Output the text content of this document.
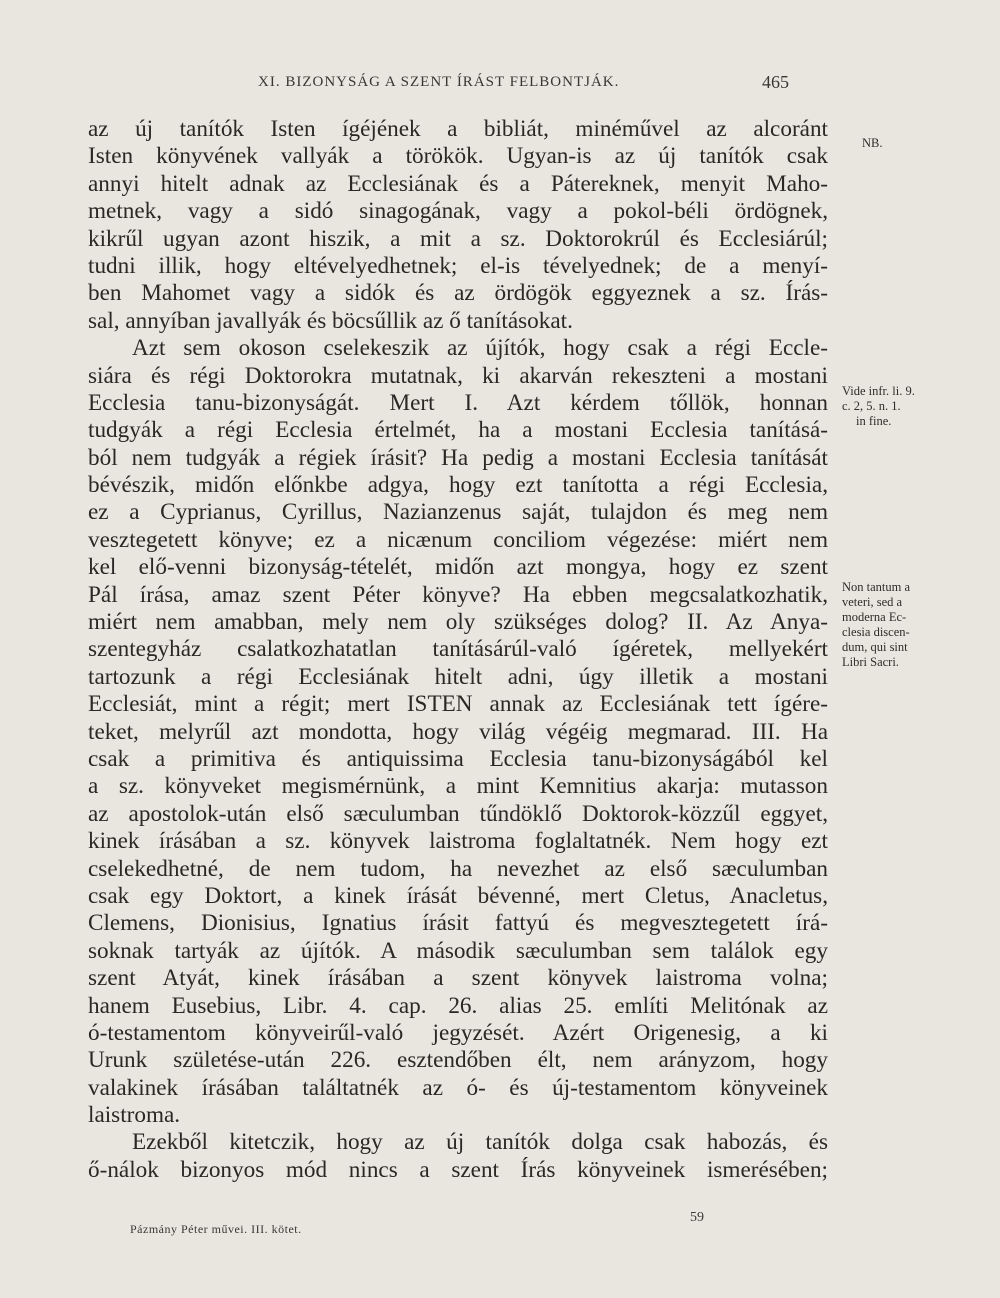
XI. BIZONYSÁG A SZENT ÍRÁST FELBONTJÁK.	465
az új tanítók Isten ígéjének a bibliát, minéművel az alcoránt
Isten könyvének vallyák a törökök. Ugyan-is az új tanítók csak
annyi hitelt adnak az Ecclesiának és a Pátereknek, menyit Maho-
metnek, vagy a sidó sinagogának, vagy a pokol-béli ördögnek,
kikrűl ugyan azont hiszik, a mit a sz. Doktorokrúl és Ecclesiárúl;
tudni illik, hogy eltévelyedhetnek; el-is tévelyednek; de a menyí-
ben Mahomet vagy a sidók és az ördögök eggyeznek a sz. Írás-
sal, annyíban javallyák és böcsűllik az ő tanításokat.
Azt sem okoson cselekeszik az újítók, hogy csak a régi Eccle-
siára és régi Doktorokra mutatnak, ki akarván rekeszteni a mostani
Ecclesia tanu-bizonyságát. Mert I. Azt kérdem tőllök, honnan
tudgyák a régi Ecclesia értelmét, ha a mostani Ecclesia tanításá-
ból nem tudgyák a régiek írásit? Ha pedig a mostani Ecclesia tanítását
bévészik, midőn előnkbe adgya, hogy ezt tanította a régi Ecclesia,
ez a Cyprianus, Cyrillus, Nazianzenus saját, tulajdon és meg nem
vesztegetett könyve; ez a nicænum conciliom végezése: miért nem
kel elő-venni bizonyság-tételét, midőn azt mongya, hogy ez szent
Pál írása, amaz szent Péter könyve? Ha ebben megcsalatkozhatik,
miért nem amabban, mely nem oly szükséges dolog? II. Az Anya-
szentegyház csalatkozhatatlan tanításárúl-való ígéretek, mellyekért
tartozunk a régi Ecclesiának hitelt adni, úgy illetik a mostani
Ecclesiát, mint a régit; mert ISTEN annak az Ecclesiának tett ígére-
teket, melyrűl azt mondotta, hogy világ végéig megmarad. III. Ha
csak a primitiva és antiquissima Ecclesia tanu-bizonyságából kel
a sz. könyveket megismérnünk, a mint Kemnitius akarja: mutasson
az apostolok-után első sæculumban tűndöklő Doktorok-közzűl eggyet,
kinek írásában a sz. könyvek laistroma foglaltatnék. Nem hogy ezt
cselekedhetné, de nem tudom, ha nevezhet az első sæculumban
csak egy Doktort, a kinek írását bévenné, mert Cletus, Anacletus,
Clemens, Dionisius, Ignatius írásit fattyú és megvesztegetett írá-
soknak tartyák az újítók. A második sæculumban sem találok egy
szent Atyát, kinek írásában a szent könyvek laistroma volna;
hanem Eusebius, Libr. 4. cap. 26. alias 25. említi Melitónak az
ó-testamentom könyveirűl-való jegyzését. Azért Origenesig, a ki
Urunk születése-után 226. esztendőben élt, nem arányzom, hogy
valakinek írásában találtatnék az ó- és új-testamentom könyveinek
laistroma.
Ezekből kitetczik, hogy az új tanítók dolga csak habozás, és
ő-nálok bizonyos mód nincs a szent Írás könyveinek ismerésében;
NB.
Vide infr. li. 9.
c. 2, 5. n. 1.
in fine.
Non tantum a
veteri, sed a
moderna Ec-
clesia discen-
dum, qui sint
Libri Sacri.
Pázmány Péter művei. III. kötet.
59
